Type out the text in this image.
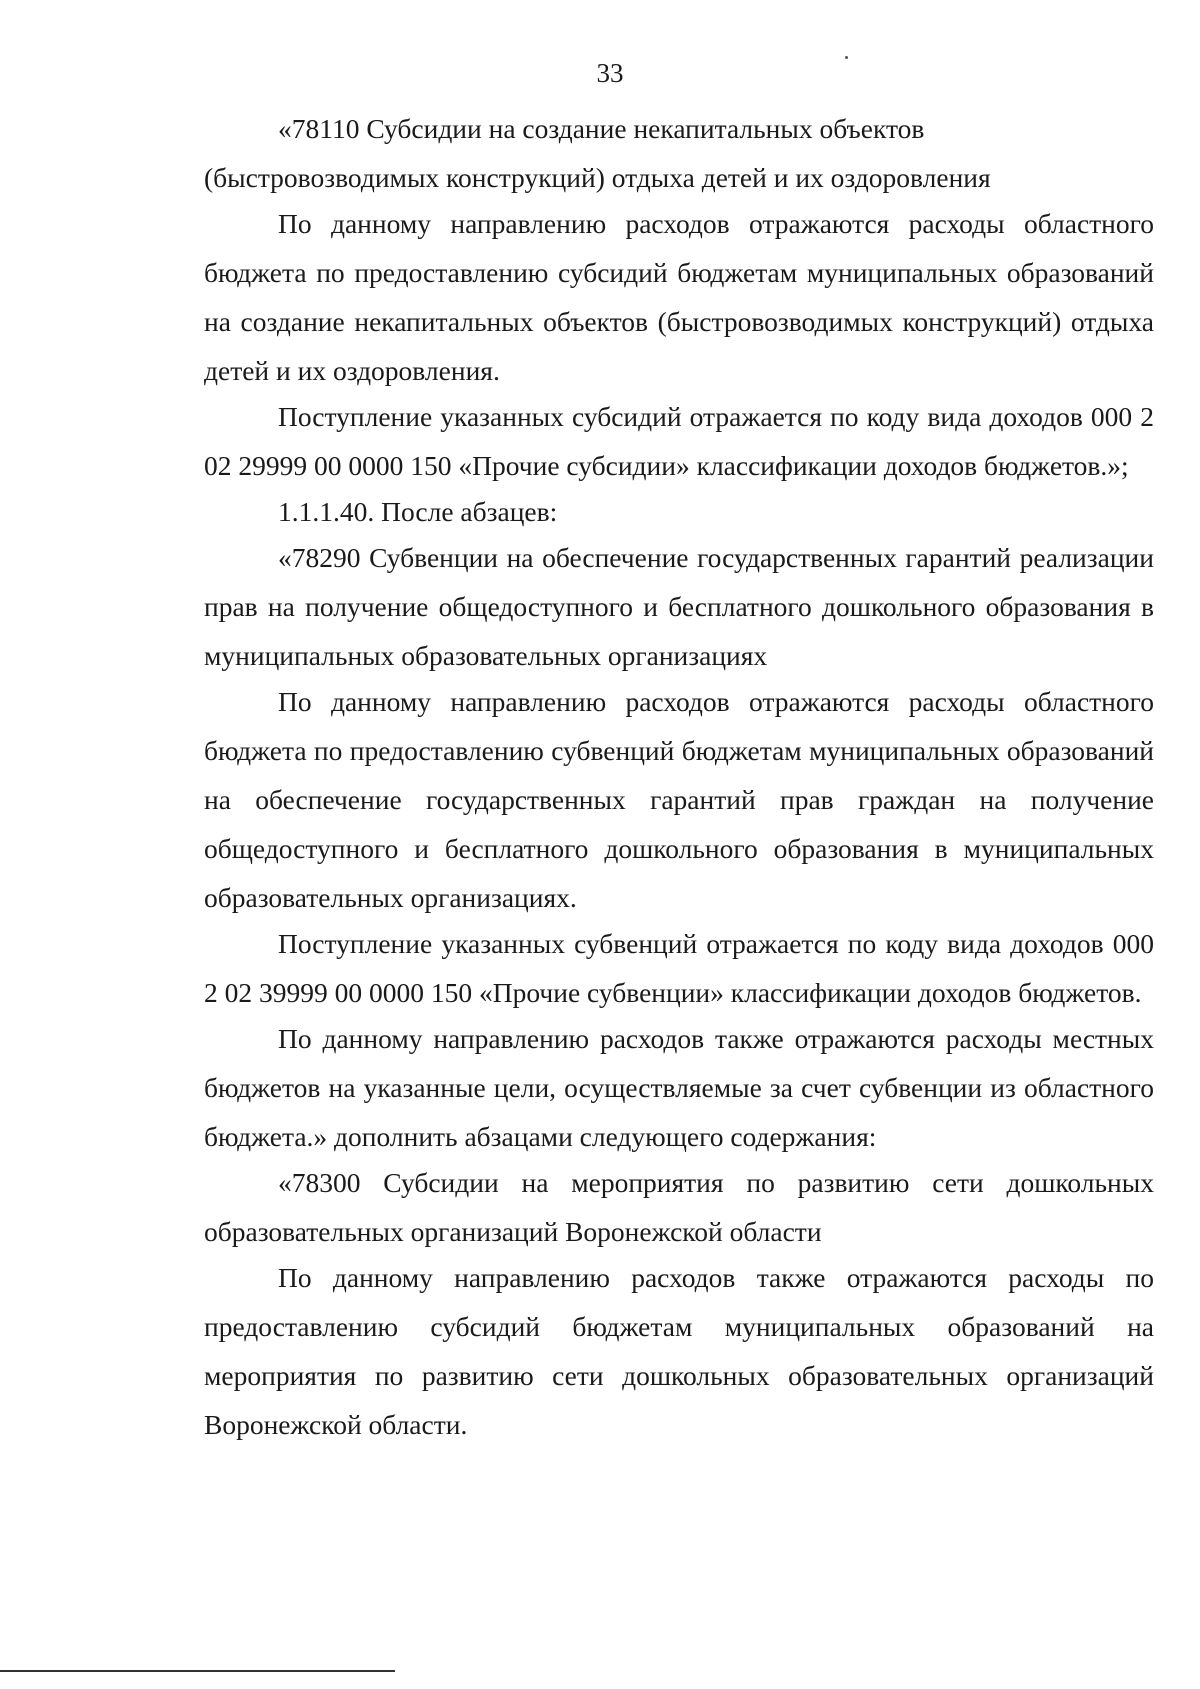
33

«78110 Субсидии на создание некапитальных объектов

(быстровозводимых конструкций) отдыха детей и их оздоровления

По данному направлению расходов отражаются расходы областного бюджета по предоставлению субсидий бюджетам муниципальных образований на создание некапитальных объектов (быстровозводимых конструкций) отдыха детей и их оздоровления.

Поступление указанных субсидий отражается по коду вида доходов 000 2 02 29999 00 0000 150 «Прочие субсидии» классификации доходов бюджетов.»;

1.1.1.40. После абзацев:

«78290 Субвенции на обеспечение государственных гарантий реализации прав на получение общедоступного и бесплатного дошкольного образования в муниципальных образовательных организациях

По данному направлению расходов отражаются расходы областного бюджета по предоставлению субвенций бюджетам муниципальных образований на обеспечение государственных гарантий прав граждан на получение общедоступного и бесплатного дошкольного образования в муниципальных образовательных организациях.

Поступление указанных субвенций отражается по коду вида доходов 000 2 02 39999 00 0000 150 «Прочие субвенции» классификации доходов бюджетов.

По данному направлению расходов также отражаются расходы местных бюджетов на указанные цели, осуществляемые за счет субвенции из областного бюджета.» дополнить абзацами следующего содержания:

«78300 Субсидии на мероприятия по развитию сети дошкольных образовательных организаций Воронежской области

По данному направлению расходов также отражаются расходы по предоставлению субсидий бюджетам муниципальных образований на мероприятия по развитию сети дошкольных образовательных организаций Воронежской области.
